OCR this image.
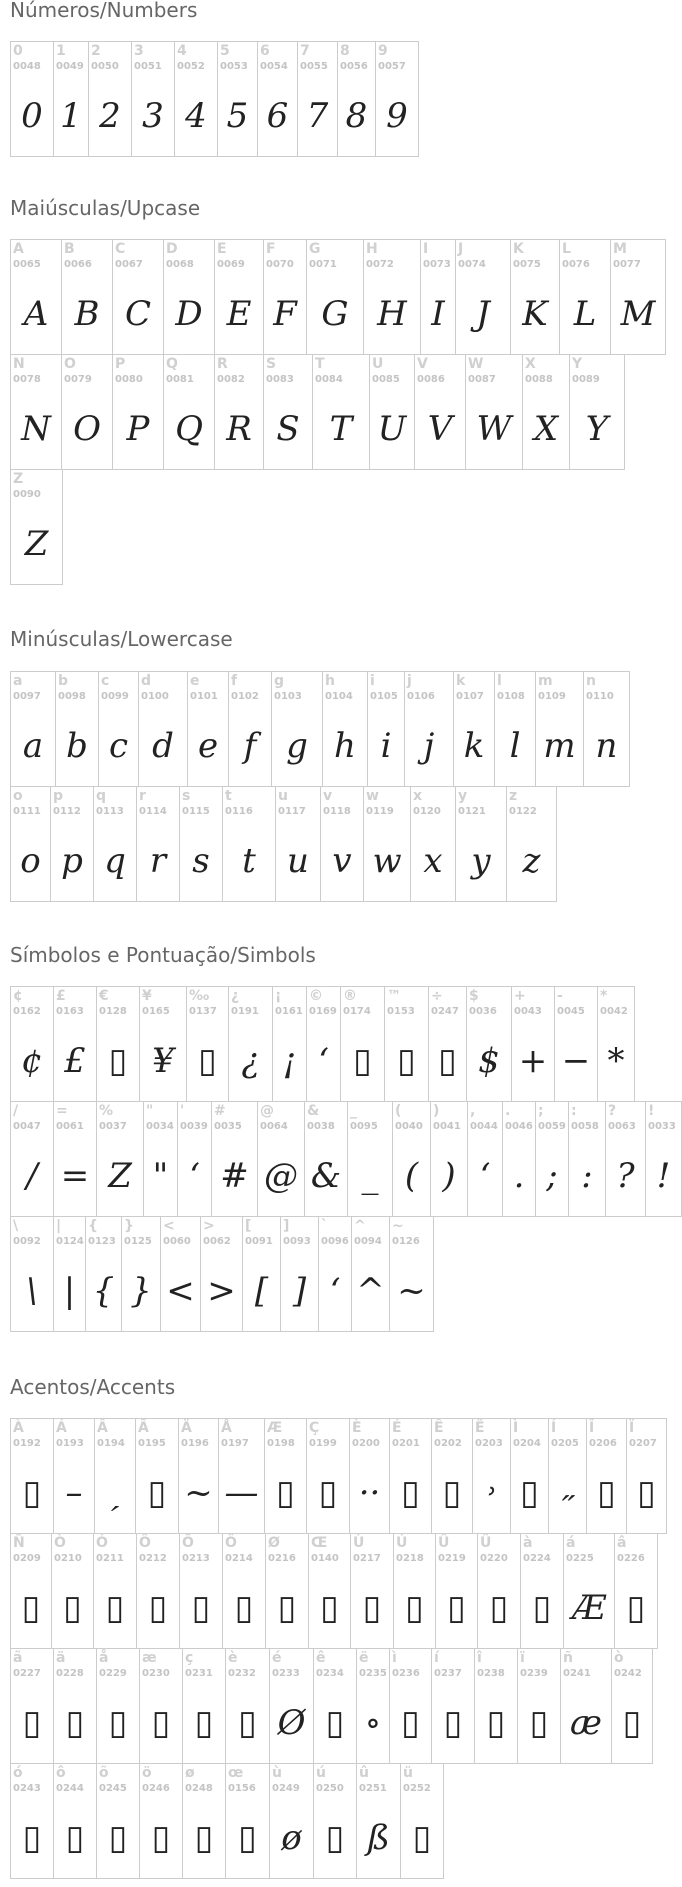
Números/Numbers
0
0048
0
1
0049
1
2
0050
2
3
0051
3
4
0052
4
5
0053
5
6
0054
6
7
0055
7
8
0056
8
9
0057
9
Maiúsculas/Upcase
A
0065
A
B
0066
B
C
0067
C
D
0068
D
E
0069
E
F
0070
F
G
0071
G
H
0072
H
I
0073
I
J
0074
J
K
0075
K
L
0076
L
M
0077
M
N
0078
N
O
0079
O
P
0080
P
Q
0081
Q
R
0082
R
S
0083
S
T
0084
T
U
0085
U
V
0086
V
W
0087
W
X
0088
X
Y
0089
Y
Z
0090
Z
Minúsculas/Lowercase
a
0097
a
b
0098
b
c
0099
c
d
0100
d
e
0101
e
f
0102
f
g
0103
g
h
0104
h
i
0105
i
j
0106
j
k
0107
k
l
0108
l
m
0109
m
n
0110
n
o
0111
o
p
0112
p
q
0113
q
r
0114
r
s
0115
s
t
0116
t
u
0117
u
v
0118
v
w
0119
w
x
0120
x
y
0121
y
z
0122
z
Símbolos e Pontuação/Simbols
¢
0162
¢
£
0163
£
€
0128
▯
¥
0165
¥
‰
0137
▯
¿
0191
¿
¡
0161
¡
©
0169
ʻ
®
0174
▯
™
0153
▯
÷
0247
▯
$
0036
$
+
0043
+
-
0045
−
*
0042
*
/
0047
/
=
0061
=
%
0037
Z
"
0034
"
'
0039
ʻ
#
0035
#
@
0064
@
&
0038
&
_
0095
_
(
0040
(
)
0041
)
,
0044
ʻ
.
0046
.
;
0059
;
:
0058
:
?
0063
?
!
0033
!
\
0092
\
|
0124
|
{
0123
{
}
0125
}
<
0060
<
>
0062
>
[
0091
[
]
0093
]
`
0096
ʻ
^
0094
^
~
0126
~
Acentos/Accents
À
0192
▯
Á
0193
–
Â
0194
ˏ
Ã
0195
▯
Ä
0196
~
Å
0197
—
Æ
0198
▯
Ç
0199
▯
È
0200
··
É
0201
▯
Ê
0202
▯
Ë
0203
˒
Ì
0204
▯
Í
0205
˶
Î
0206
▯
Ï
0207
▯
Ñ
0209
▯
Ò
0210
▯
Ó
0211
▯
Ô
0212
▯
Õ
0213
▯
Ö
0214
▯
Ø
0216
▯
Œ
0140
▯
Ù
0217
▯
Ú
0218
▯
Û
0219
▯
Ü
0220
▯
à
0224
▯
á
0225
Æ
â
0226
▯
ã
0227
▯
ä
0228
▯
å
0229
▯
æ
0230
▯
ç
0231
▯
è
0232
▯
é
0233
Ø
ê
0234
▯
ë
0235
∘
ì
0236
▯
í
0237
▯
î
0238
▯
ï
0239
▯
ñ
0241
æ
ò
0242
▯
ó
0243
▯
ô
0244
▯
õ
0245
▯
ö
0246
▯
ø
0248
▯
œ
0156
▯
ù
0249
ø
ú
0250
▯
û
0251
ß
ü
0252
▯
